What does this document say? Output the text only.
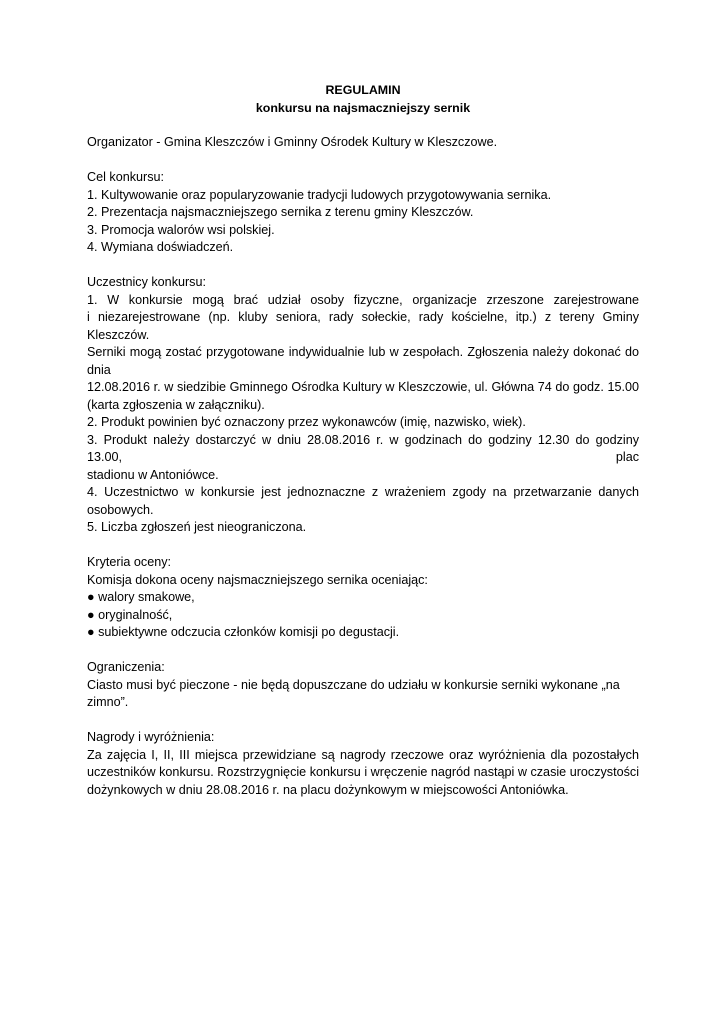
REGULAMIN
konkursu na najsmaczniejszy sernik

Organizator - Gmina Kleszczów i Gminny Ośrodek Kultury w Kleszczowe.

Cel konkursu:

1. Kultywowanie oraz popularyzowanie tradycji ludowych przygotowywania sernika.

2. Prezentacja najsmaczniejszego sernika z terenu gminy Kleszczów.

3. Promocja walorów wsi polskiej.

4. Wymiana doświadczeń.

Uczestnicy konkursu:

1. W konkursie mogą brać udział osoby fizyczne, organizacje zrzeszone zarejestrowane

i niezarejestrowane (np. kluby seniora, rady sołeckie, rady kościelne, itp.) z tereny Gminy Kleszczów.

Serniki mogą zostać przygotowane indywidualnie lub w zespołach. Zgłoszenia należy dokonać do dnia

12.08.2016 r. w siedzibie Gminnego Ośrodka Kultury w Kleszczowie, ul. Główna 74 do godz. 15.00

(karta zgłoszenia w załączniku).

2. Produkt powinien być oznaczony przez wykonawców (imię, nazwisko, wiek).

3. Produkt należy dostarczyć w dniu 28.08.2016 r. w godzinach do godziny 12.30 do godziny 13.00, plac

stadionu w Antoniówce.

4. Uczestnictwo w konkursie jest jednoznaczne z wrażeniem zgody na przetwarzanie danych

osobowych.

5. Liczba zgłoszeń jest nieograniczona.

Kryteria oceny:

Komisja dokona oceny najsmaczniejszego sernika oceniając:

● walory smakowe,

● oryginalność,

● subiektywne odczucia członków komisji po degustacji.

Ograniczenia:

Ciasto musi być pieczone - nie będą dopuszczane do udziału w konkursie serniki wykonane „na zimno”.

Nagrody i wyróżnienia:

Za zajęcia I, II, III miejsca przewidziane są nagrody rzeczowe oraz wyróżnienia dla pozostałych

uczestników konkursu. Rozstrzygnięcie konkursu i wręczenie nagród nastąpi w czasie uroczystości

dożynkowych w dniu 28.08.2016 r. na placu dożynkowym w miejscowości Antoniówka.
